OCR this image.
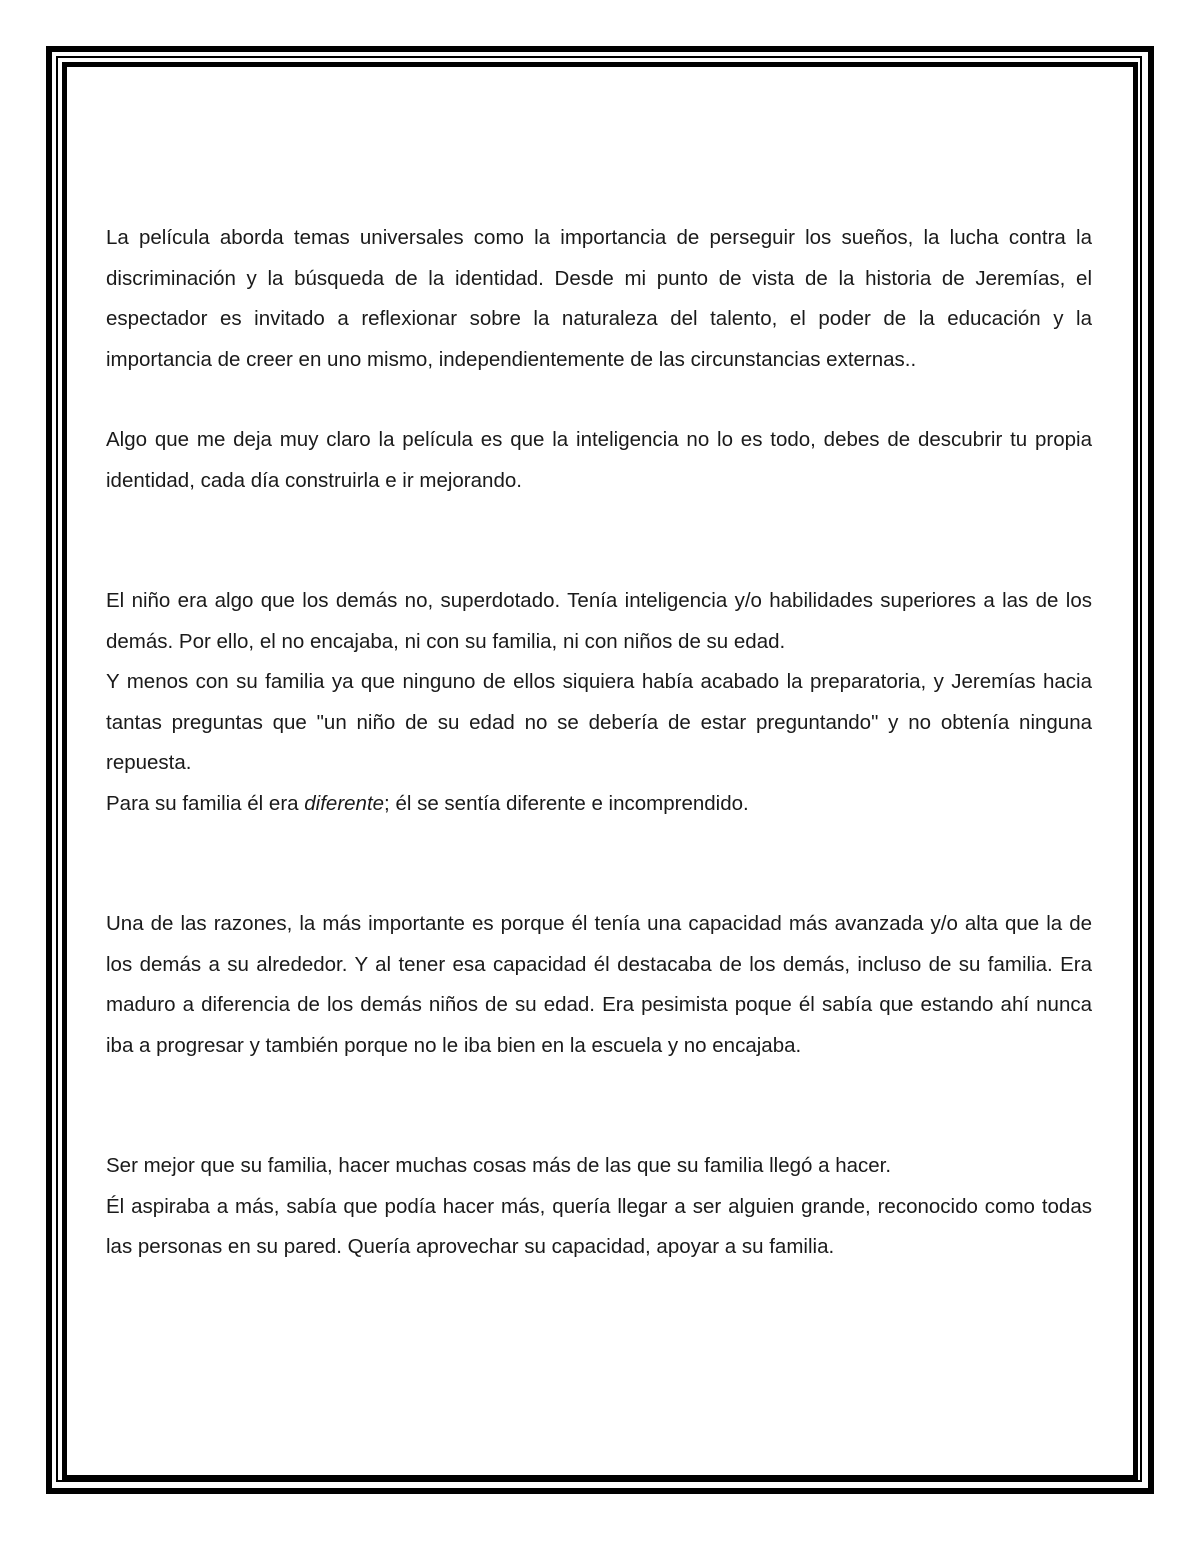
La película aborda temas universales como la importancia de perseguir los sueños, la lucha contra la discriminación y la búsqueda de la identidad. Desde mi punto de vista de la historia de Jeremías, el espectador es invitado a reflexionar sobre la naturaleza del talento, el poder de la educación y la importancia de creer en uno mismo, independientemente de las circunstancias externas..

Algo que me deja muy claro la película es que la inteligencia no lo es todo, debes de descubrir tu propia identidad, cada día construirla e ir mejorando.

El niño era algo que los demás no, superdotado. Tenía inteligencia y/o habilidades superiores a las de los demás. Por ello, el no encajaba, ni con su familia, ni con niños de su edad.

Y menos con su familia ya que ninguno de ellos siquiera había acabado la preparatoria, y Jeremías hacia tantas preguntas que "un niño de su edad no se debería de estar preguntando" y no obtenía ninguna repuesta.

Para su familia él era diferente; él se sentía diferente e incomprendido.

Una de las razones, la más importante es porque él tenía una capacidad más avanzada y/o alta que la de los demás a su alrededor. Y al tener esa capacidad él destacaba de los demás, incluso de su familia. Era maduro a diferencia de los demás niños de su edad. Era pesimista poque él sabía que estando ahí nunca iba a progresar y también porque no le iba bien en la escuela y no encajaba.

Ser mejor que su familia, hacer muchas cosas más de las que su familia llegó a hacer.

Él aspiraba a más, sabía que podía hacer más, quería llegar a ser alguien grande, reconocido como todas las personas en su pared. Quería aprovechar su capacidad, apoyar a su familia.
